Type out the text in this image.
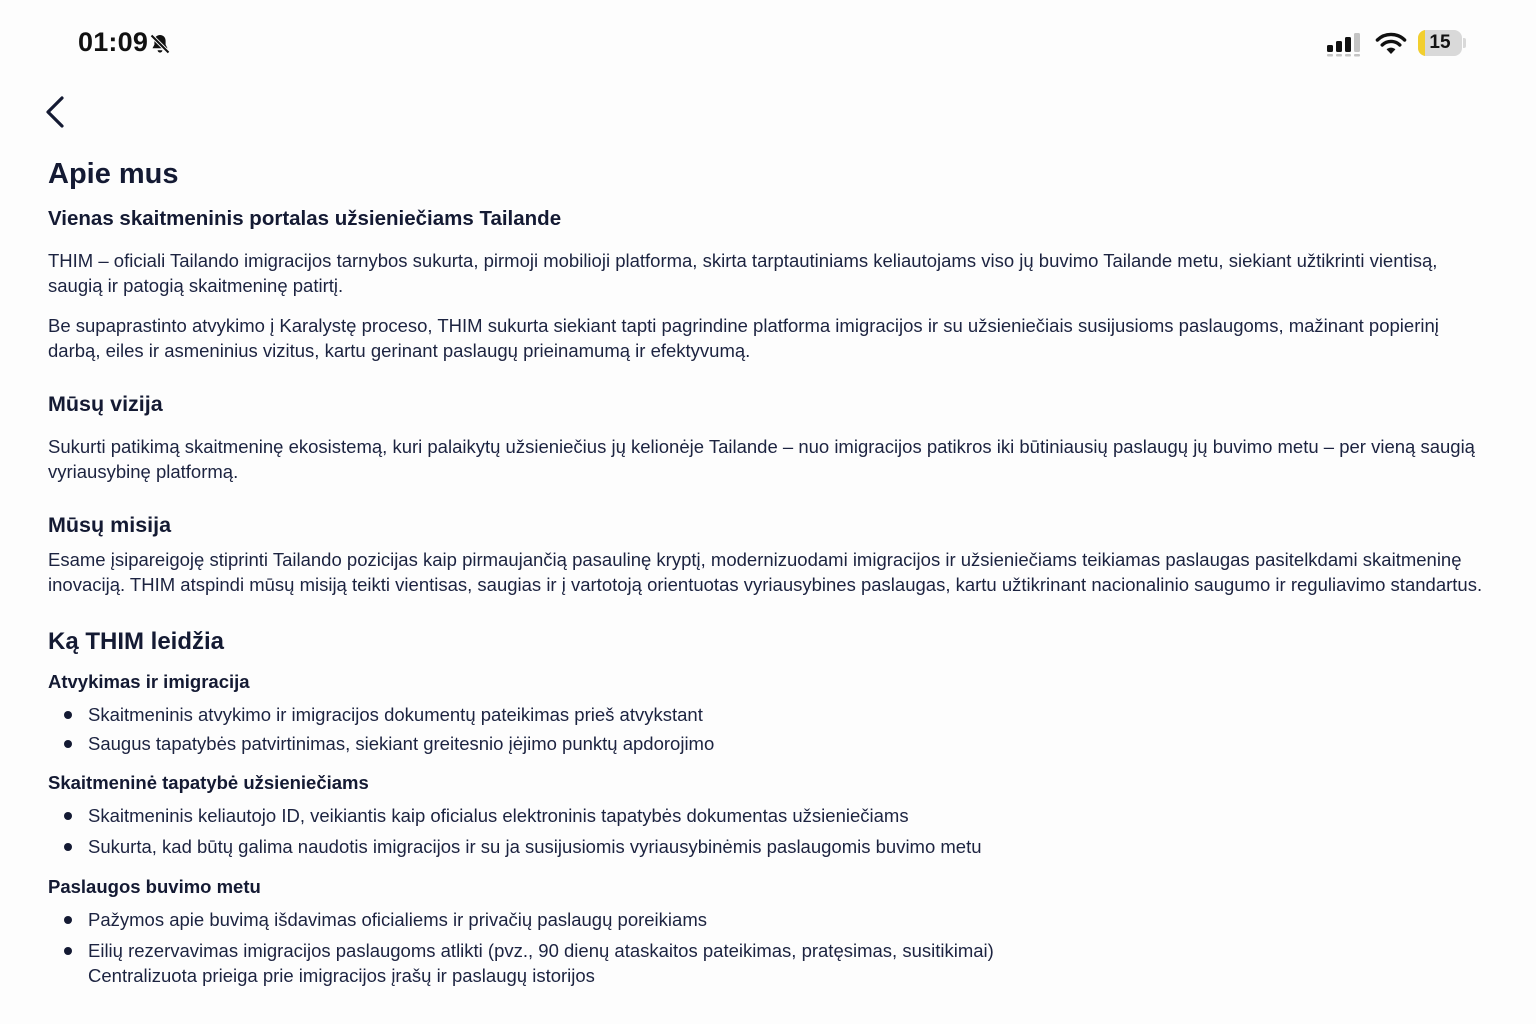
01:09	15
Apie mus
Vienas skaitmeninis portalas užsieniečiams Tailande

THIM – oficiali Tailando imigracijos tarnybos sukurta, pirmoji mobilioji platforma, skirta tarptautiniams keliautojams viso jų buvimo Tailande metu, siekiant užtikrinti vientisą, saugią ir patogią skaitmeninę patirtį.

Be supaprastinto atvykimo į Karalystę proceso, THIM sukurta siekiant tapti pagrindine platforma imigracijos ir su užsieniečiais susijusioms paslaugoms, mažinant popierinį darbą, eiles ir asmeninius vizitus, kartu gerinant paslaugų prieinamumą ir efektyvumą.

Mūsų vizija

Sukurti patikimą skaitmeninę ekosistemą, kuri palaikytų užsieniečius jų kelionėje Tailande – nuo imigracijos patikros iki būtiniausių paslaugų jų buvimo metu – per vieną saugią vyriausybinę platformą.

Mūsų misija

Esame įsipareigoję stiprinti Tailando pozicijas kaip pirmaujančią pasaulinę kryptį, modernizuodami imigracijos ir užsieniečiams teikiamas paslaugas pasitelkdami skaitmeninę inovaciją. THIM atspindi mūsų misiją teikti vientisas, saugias ir į vartotoją orientuotas vyriausybines paslaugas, kartu užtikrinant nacionalinio saugumo ir reguliavimo standartus.

Ką THIM leidžia
Atvykimas ir imigracija
Skaitmeninis atvykimo ir imigracijos dokumentų pateikimas prieš atvykstant
Saugus tapatybės patvirtinimas, siekiant greitesnio įėjimo punktų apdorojimo
Skaitmeninė tapatybė užsieniečiams
Skaitmeninis keliautojo ID, veikiantis kaip oficialus elektroninis tapatybės dokumentas užsieniečiams
Sukurta, kad būtų galima naudotis imigracijos ir su ja susijusiomis vyriausybinėmis paslaugomis buvimo metu
Paslaugos buvimo metu
Pažymos apie buvimą išdavimas oficialiems ir privačių paslaugų poreikiams
Eilių rezervavimas imigracijos paslaugoms atlikti (pvz., 90 dienų ataskaitos pateikimas, pratęsimas, susitikimai)
Centralizuota prieiga prie imigracijos įrašų ir paslaugų istorijos
